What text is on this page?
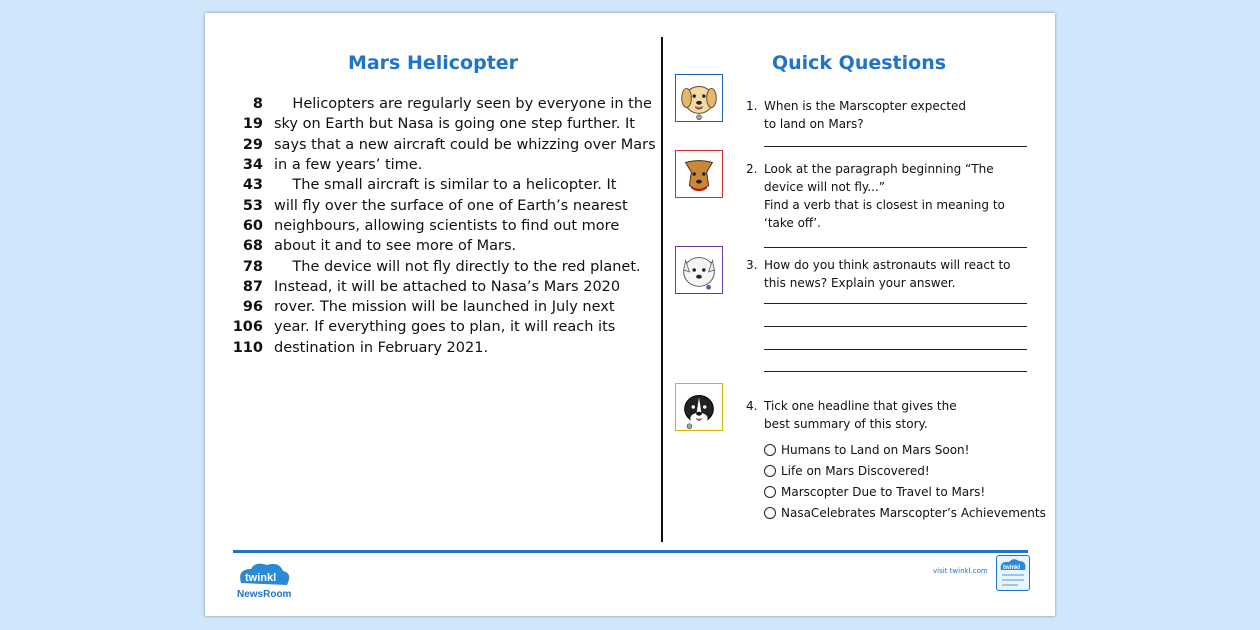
Mars Helicopter	Quick Questions
8 Helicopters are regularly seen by everyone in the
19 sky on Earth but Nasa is going one step further. It
29 says that a new aircraft could be whizzing over Mars
34 in a few years’ time.
43 The small aircraft is similar to a helicopter. It
53 will fly over the surface of one of Earth’s nearest
60 neighbours, allowing scientists to find out more
68 about it and to see more of Mars.
78 The device will not fly directly to the red planet.
87 Instead, it will be attached to Nasa’s Mars 2020
96 rover. The mission will be launched in July next
106 year. If everything goes to plan, it will reach its
110 destination in February 2021.
1. When is the Marscopter expected to land on Mars?
2. Look at the paragraph beginning “The device will not fly...”
Find a verb that is closest in meaning to ‘take off’.
3. How do you think astronauts will react to this news? Explain your answer.
4. Tick one headline that gives the best summary of this story.
Humans to Land on Mars Soon!
Life on Mars Discovered!
Marscopter Due to Travel to Mars!
NasaCelebrates Marscopter’s Achievements
twinkl
NewsRoom
visit twinkl.com	twinkl
